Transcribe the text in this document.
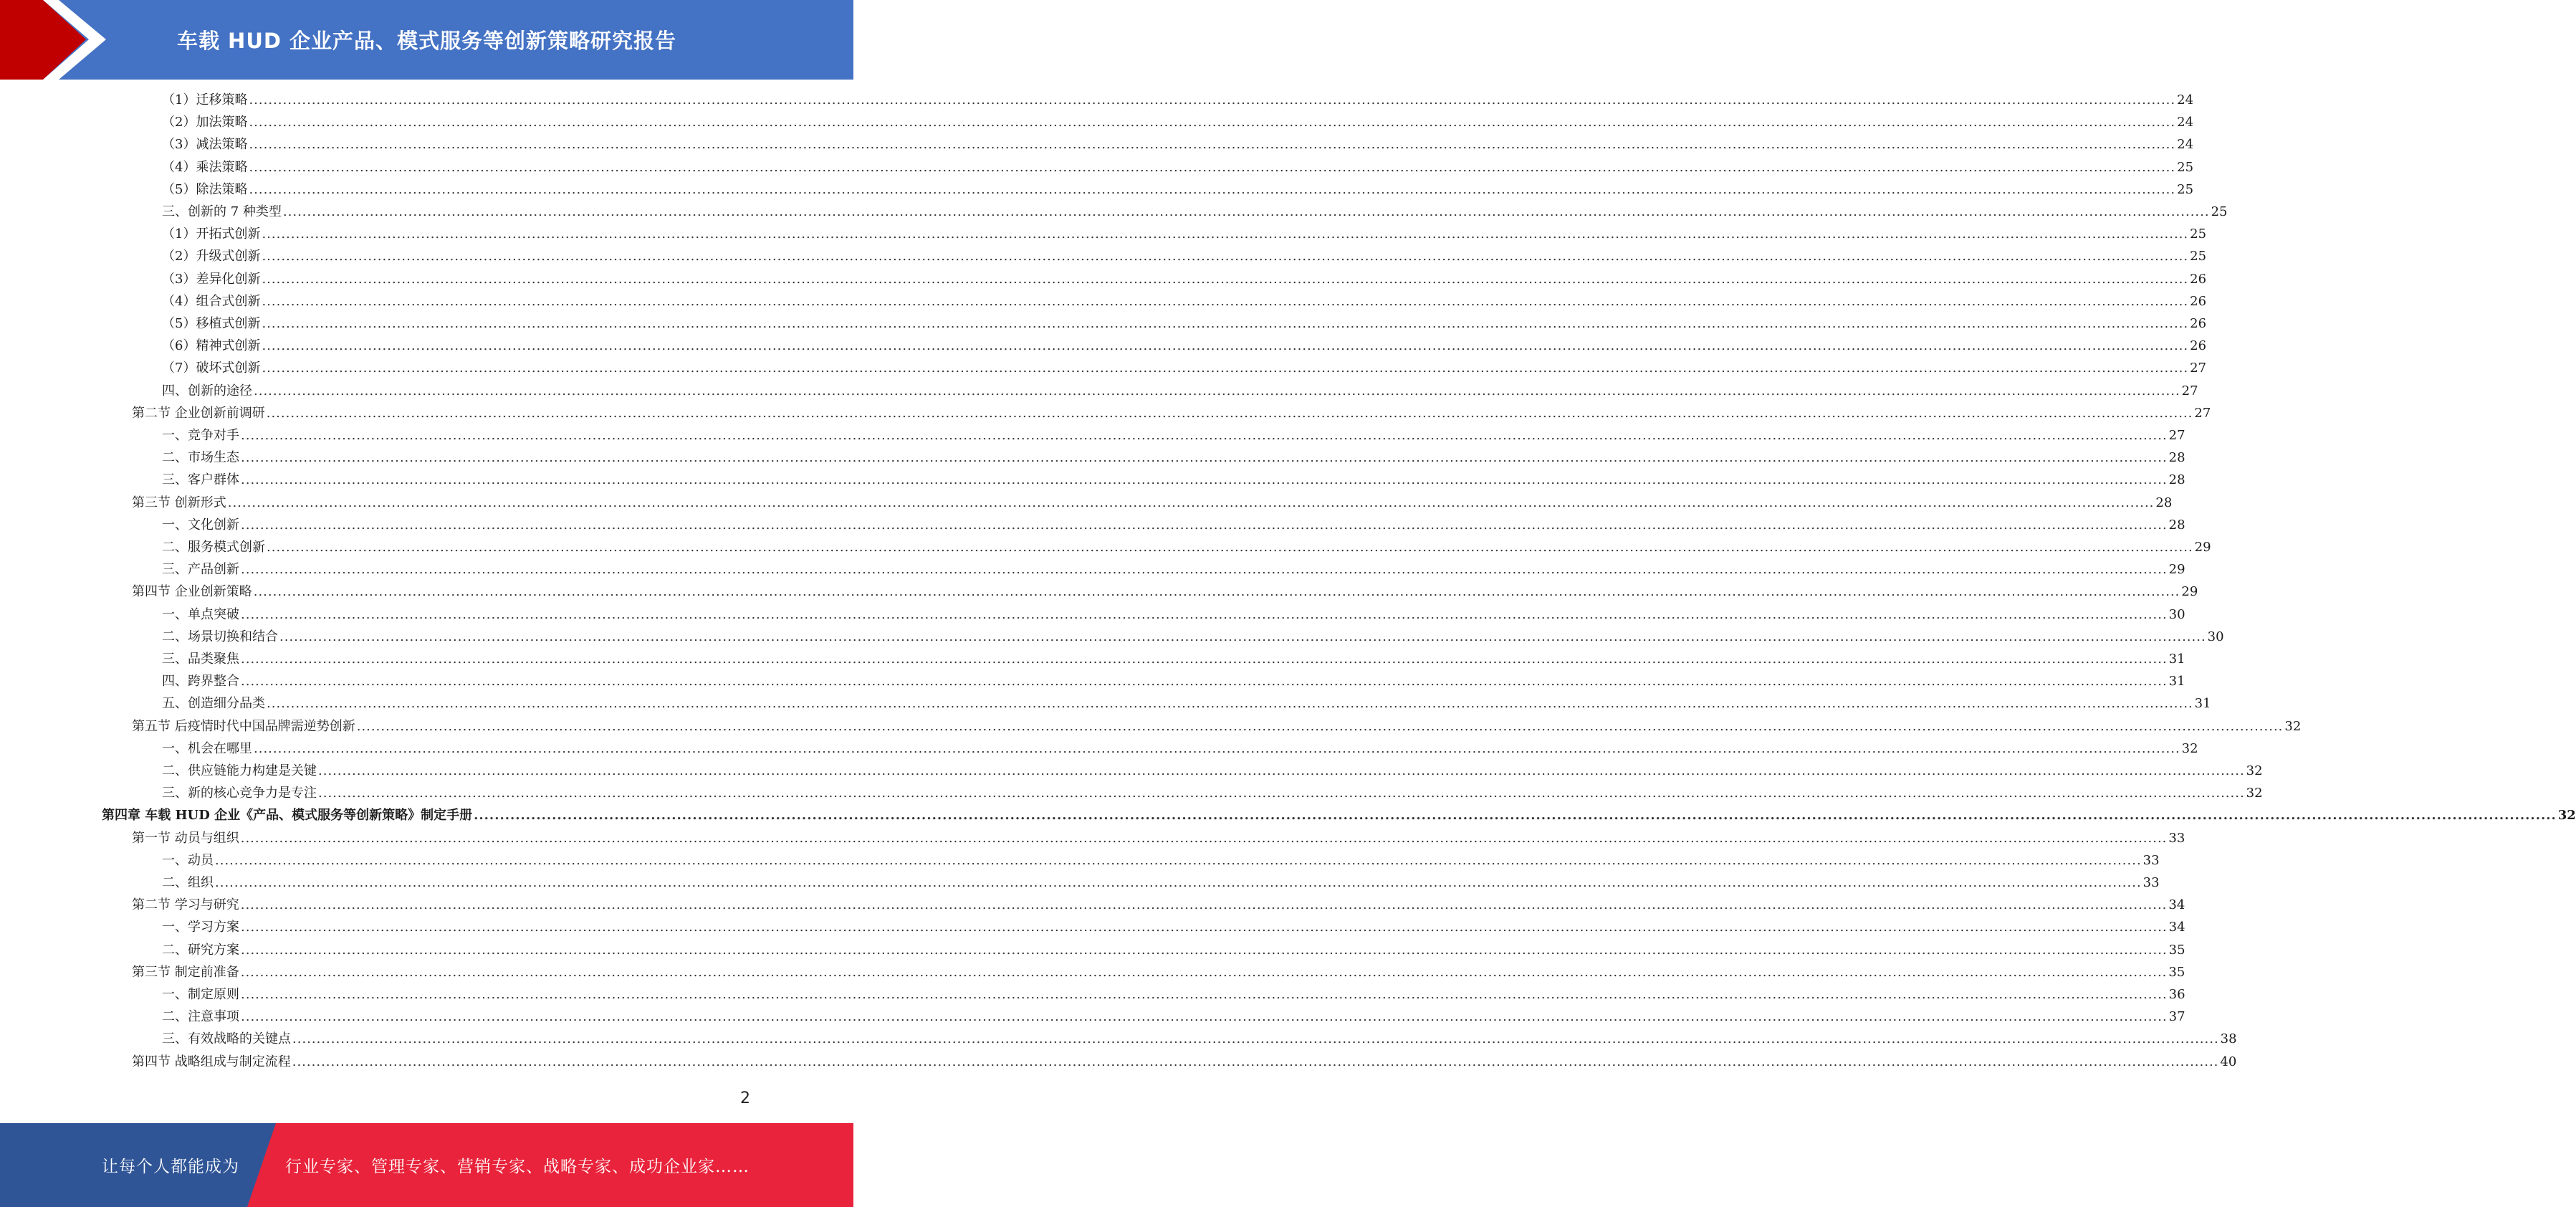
车载 HUD 企业产品、模式服务等创新策略研究报告
（1）迁移策略 ................................................................................................................................................................................................................................................................................................................................................................................................................ 24
（2）加法策略 ................................................................................................................................................................................................................................................................................................................................................................................................................ 24
（3）减法策略 ................................................................................................................................................................................................................................................................................................................................................................................................................ 24
（4）乘法策略 ................................................................................................................................................................................................................................................................................................................................................................................................................ 25
（5）除法策略 ................................................................................................................................................................................................................................................................................................................................................................................................................ 25
三、创新的 7 种类型 ................................................................................................................................................................................................................................................................................................................................................................................................................ 25
（1）开拓式创新 ................................................................................................................................................................................................................................................................................................................................................................................................................ 25
（2）升级式创新 ................................................................................................................................................................................................................................................................................................................................................................................................................ 25
（3）差异化创新 ................................................................................................................................................................................................................................................................................................................................................................................................................ 26
（4）组合式创新 ................................................................................................................................................................................................................................................................................................................................................................................................................ 26
（5）移植式创新 ................................................................................................................................................................................................................................................................................................................................................................................................................ 26
（6）精神式创新 ................................................................................................................................................................................................................................................................................................................................................................................................................ 26
（7）破坏式创新 ................................................................................................................................................................................................................................................................................................................................................................................................................ 27
四、创新的途径 ................................................................................................................................................................................................................................................................................................................................................................................................................ 27
第二节 企业创新前调研 ................................................................................................................................................................................................................................................................................................................................................................................................................ 27
一、竞争对手 ................................................................................................................................................................................................................................................................................................................................................................................................................ 27
二、市场生态 ................................................................................................................................................................................................................................................................................................................................................................................................................ 28
三、客户群体 ................................................................................................................................................................................................................................................................................................................................................................................................................ 28
第三节 创新形式 ................................................................................................................................................................................................................................................................................................................................................................................................................ 28
一、文化创新 ................................................................................................................................................................................................................................................................................................................................................................................................................ 28
二、服务模式创新 ................................................................................................................................................................................................................................................................................................................................................................................................................ 29
三、产品创新 ................................................................................................................................................................................................................................................................................................................................................................................................................ 29
第四节 企业创新策略 ................................................................................................................................................................................................................................................................................................................................................................................................................ 29
一、单点突破 ................................................................................................................................................................................................................................................................................................................................................................................................................ 30
二、场景切换和结合 ................................................................................................................................................................................................................................................................................................................................................................................................................ 30
三、品类聚焦 ................................................................................................................................................................................................................................................................................................................................................................................................................ 31
四、跨界整合 ................................................................................................................................................................................................................................................................................................................................................................................................................ 31
五、创造细分品类 ................................................................................................................................................................................................................................................................................................................................................................................................................ 31
第五节 后疫情时代中国品牌需逆势创新 ................................................................................................................................................................................................................................................................................................................................................................................................................ 32
一、机会在哪里 ................................................................................................................................................................................................................................................................................................................................................................................................................ 32
二、供应链能力构建是关键 ................................................................................................................................................................................................................................................................................................................................................................................................................ 32
三、新的核心竞争力是专注 ................................................................................................................................................................................................................................................................................................................................................................................................................ 32
第四章 车载 HUD 企业《产品、模式服务等创新策略》制定手册 ................................................................................................................................................................................................................................................................................................................................................................................................................ 32
第一节 动员与组织 ................................................................................................................................................................................................................................................................................................................................................................................................................ 33
一、动员 ................................................................................................................................................................................................................................................................................................................................................................................................................ 33
二、组织 ................................................................................................................................................................................................................................................................................................................................................................................................................ 33
第二节 学习与研究 ................................................................................................................................................................................................................................................................................................................................................................................................................ 34
一、学习方案 ................................................................................................................................................................................................................................................................................................................................................................................................................ 34
二、研究方案 ................................................................................................................................................................................................................................................................................................................................................................................................................ 35
第三节 制定前准备 ................................................................................................................................................................................................................................................................................................................................................................................................................ 35
一、制定原则 ................................................................................................................................................................................................................................................................................................................................................................................................................ 36
二、注意事项 ................................................................................................................................................................................................................................................................................................................................................................................................................ 37
三、有效战略的关键点 ................................................................................................................................................................................................................................................................................................................................................................................................................ 38
第四节 战略组成与制定流程 ................................................................................................................................................................................................................................................................................................................................................................................................................ 40
2
让每个人都能成为	行业专家、管理专家、营销专家、战略专家、成功企业家……
